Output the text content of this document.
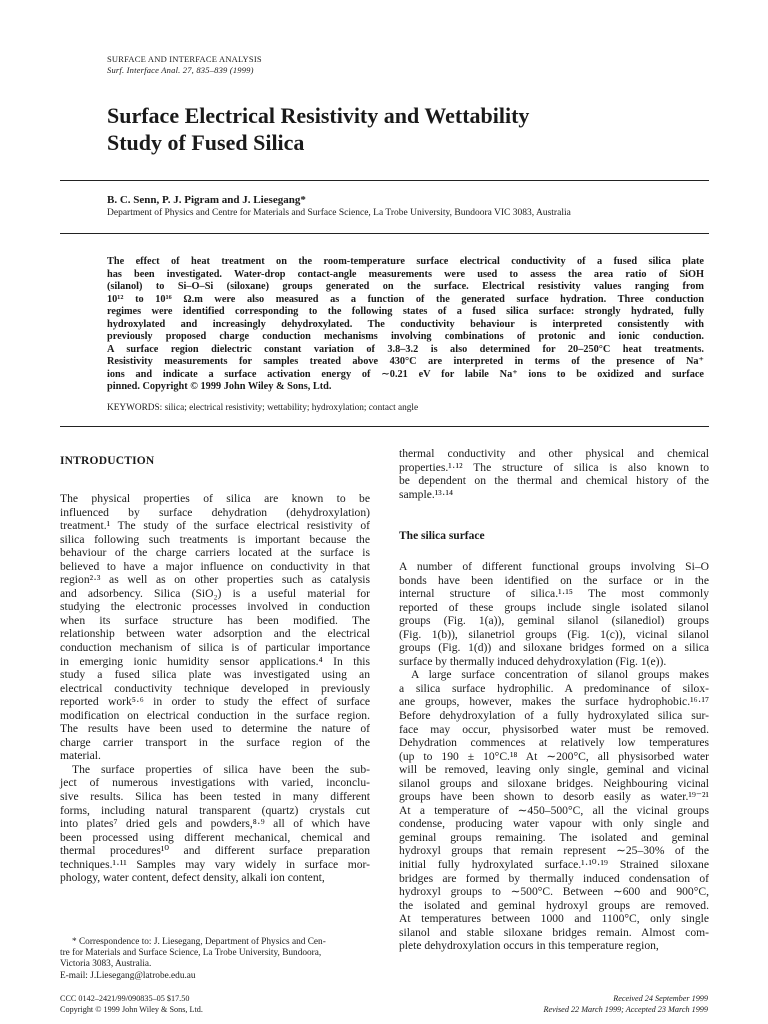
SURFACE AND INTERFACE ANALYSIS
Surf. Interface Anal. 27, 835–839 (1999)
Surface Electrical Resistivity and Wettability
Study of Fused Silica
B. C. Senn, P. J. Pigram and J. Liesegang*
Department of Physics and Centre for Materials and Surface Science, La Trobe University, Bundoora VIC 3083, Australia
The effect of heat treatment on the room-temperature surface electrical conductivity of a fused silica plate
has been investigated. Water-drop contact-angle measurements were used to assess the area ratio of SiOH
(silanol) to Si–O–Si (siloxane) groups generated on the surface. Electrical resistivity values ranging from
10¹² to 10¹⁶ Ω.m were also measured as a function of the generated surface hydration. Three conduction
regimes were identified corresponding to the following states of a fused silica surface: strongly hydrated, fully
hydroxylated and increasingly dehydroxylated. The conductivity behaviour is interpreted consistently with
previously proposed charge conduction mechanisms involving combinations of protonic and ionic conduction.
A surface region dielectric constant variation of 3.8–3.2 is also determined for 20–250°C heat treatments.
Resistivity measurements for samples treated above 430°C are interpreted in terms of the presence of Na⁺
ions and indicate a surface activation energy of ∼0.21 eV for labile Na⁺ ions to be oxidized and surface
pinned. Copyright © 1999 John Wiley & Sons, Ltd.
KEYWORDS: silica; electrical resistivity; wettability; hydroxylation; contact angle
INTRODUCTION
The physical properties of silica are known to be
influenced by surface dehydration (dehydroxylation)
treatment.¹ The study of the surface electrical resistivity of
silica following such treatments is important because the
behaviour of the charge carriers located at the surface is
believed to have a major influence on conductivity in that
region²·³ as well as on other properties such as catalysis
and adsorbency. Silica (SiO₂) is a useful material for
studying the electronic processes involved in conduction
when its surface structure has been modified. The
relationship between water adsorption and the electrical
conduction mechanism of silica is of particular importance
in emerging ionic humidity sensor applications.⁴ In this
study a fused silica plate was investigated using an
electrical conductivity technique developed in previously
reported work⁵·⁶ in order to study the effect of surface
modification on electrical conduction in the surface region.
The results have been used to determine the nature of
charge carrier transport in the surface region of the
material.
The surface properties of silica have been the sub-
ject of numerous investigations with varied, inconclu-
sive results. Silica has been tested in many different
forms, including natural transparent (quartz) crystals cut
into plates⁷ dried gels and powders,⁸·⁹ all of which have
been processed using different mechanical, chemical and
thermal procedures¹⁰ and different surface preparation
techniques.¹·¹¹ Samples may vary widely in surface mor-
phology, water content, defect density, alkali ion content,
* Correspondence to: J. Liesegang, Department of Physics and Cen-
tre for Materials and Surface Science, La Trobe University, Bundoora,
Victoria 3083, Australia.
E-mail: J.Liesegang@latrobe.edu.au
thermal conductivity and other physical and chemical
properties.¹·¹² The structure of silica is also known to
be dependent on the thermal and chemical history of the
sample.¹³·¹⁴
The silica surface
A number of different functional groups involving Si–O
bonds have been identified on the surface or in the
internal structure of silica.¹·¹⁵ The most commonly
reported of these groups include single isolated silanol
groups (Fig. 1(a)), geminal silanol (silanediol) groups
(Fig. 1(b)), silanetriol groups (Fig. 1(c)), vicinal silanol
groups (Fig. 1(d)) and siloxane bridges formed on a silica
surface by thermally induced dehydroxylation (Fig. 1(e)).
A large surface concentration of silanol groups makes
a silica surface hydrophilic. A predominance of silox-
ane groups, however, makes the surface hydrophobic.¹⁶·¹⁷
Before dehydroxylation of a fully hydroxylated silica sur-
face may occur, physisorbed water must be removed.
Dehydration commences at relatively low temperatures
(up to 190 ± 10°C.¹⁸ At ∼200°C, all physisorbed water
will be removed, leaving only single, geminal and vicinal
silanol groups and siloxane bridges. Neighbouring vicinal
groups have been shown to desorb easily as water.¹⁹⁻²¹
At a temperature of ∼450–500°C, all the vicinal groups
condense, producing water vapour with only single and
geminal groups remaining. The isolated and geminal
hydroxyl groups that remain represent ∼25–30% of the
initial fully hydroxylated surface.¹·¹⁰·¹⁹ Strained siloxane
bridges are formed by thermally induced condensation of
hydroxyl groups to ∼500°C. Between ∼600 and 900°C,
the isolated and geminal hydroxyl groups are removed.
At temperatures between 1000 and 1100°C, only single
silanol and stable siloxane bridges remain. Almost com-
plete dehydroxylation occurs in this temperature region,
CCC 0142–2421/99/090835–05 $17.50
Copyright © 1999 John Wiley & Sons, Ltd.
Received 24 September 1999
Revised 22 March 1999; Accepted 23 March 1999
